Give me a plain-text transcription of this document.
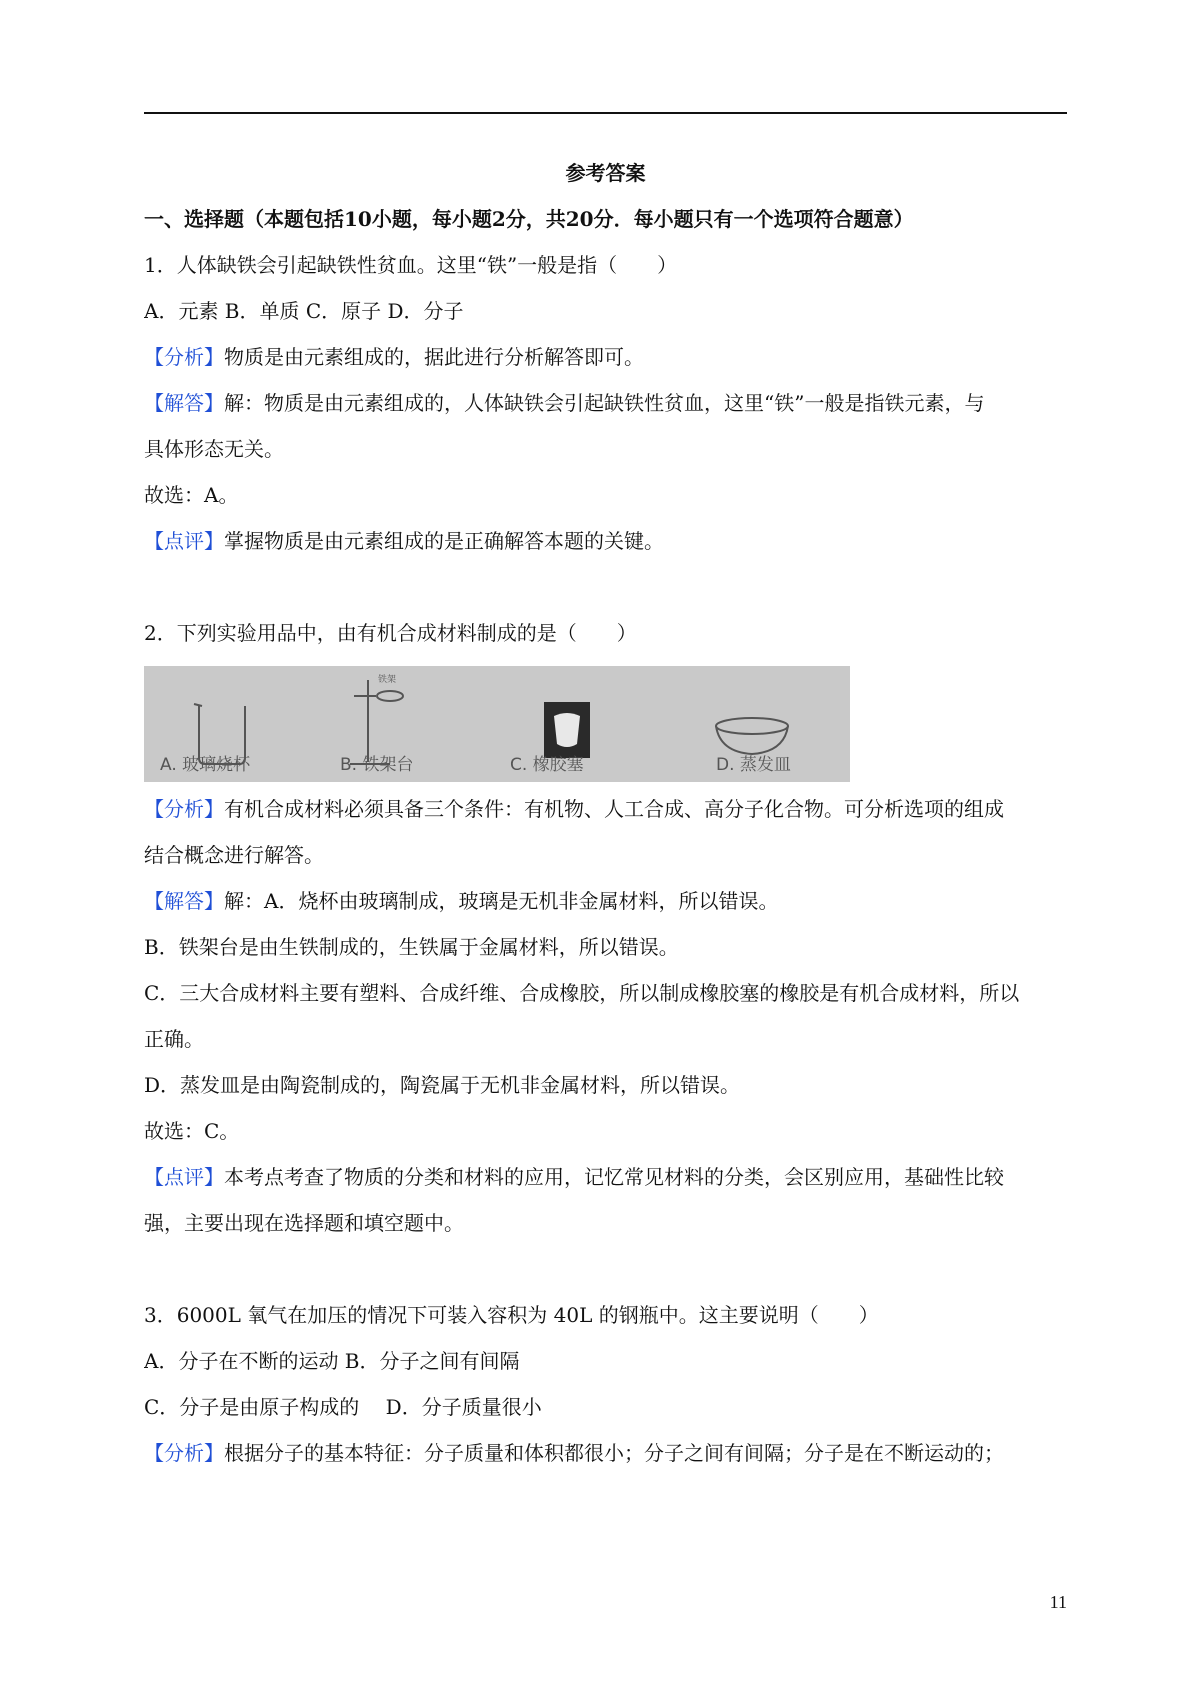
参考答案

一、选择题（本题包括10小题，每小题2分，共20分．每小题只有一个选项符合题意）

1．人体缺铁会引起缺铁性贫血。这里“铁”一般是指（　　）

A．元素 B．单质 C．原子 D．分子

【分析】物质是由元素组成的，据此进行分析解答即可。

【解答】解：物质是由元素组成的，人体缺铁会引起缺铁性贫血，这里“铁”一般是指铁元素，与

具体形态无关。

故选：A。

【点评】掌握物质是由元素组成的是正确解答本题的关键。

2．下列实验用品中，由有机合成材料制成的是（　　）

铁架
A. 玻璃烧杯	B. 铁架台	C. 橡胶塞	D. 蒸发皿

【分析】有机合成材料必须具备三个条件：有机物、人工合成、高分子化合物。可分析选项的组成

结合概念进行解答。

【解答】解：A．烧杯由玻璃制成，玻璃是无机非金属材料，所以错误。

B．铁架台是由生铁制成的，生铁属于金属材料，所以错误。

C．三大合成材料主要有塑料、合成纤维、合成橡胶，所以制成橡胶塞的橡胶是有机合成材料，所以

正确。

D．蒸发皿是由陶瓷制成的，陶瓷属于无机非金属材料，所以错误。

故选：C。

【点评】本考点考查了物质的分类和材料的应用，记忆常见材料的分类，会区别应用，基础性比较

强，主要出现在选择题和填空题中。

3．6000L 氧气在加压的情况下可装入容积为 40L 的钢瓶中。这主要说明（　　）

A．分子在不断的运动 B．分子之间有间隔

C．分子是由原子构成的　 D．分子质量很小

【分析】根据分子的基本特征：分子质量和体积都很小；分子之间有间隔；分子是在不断运动的；

11
